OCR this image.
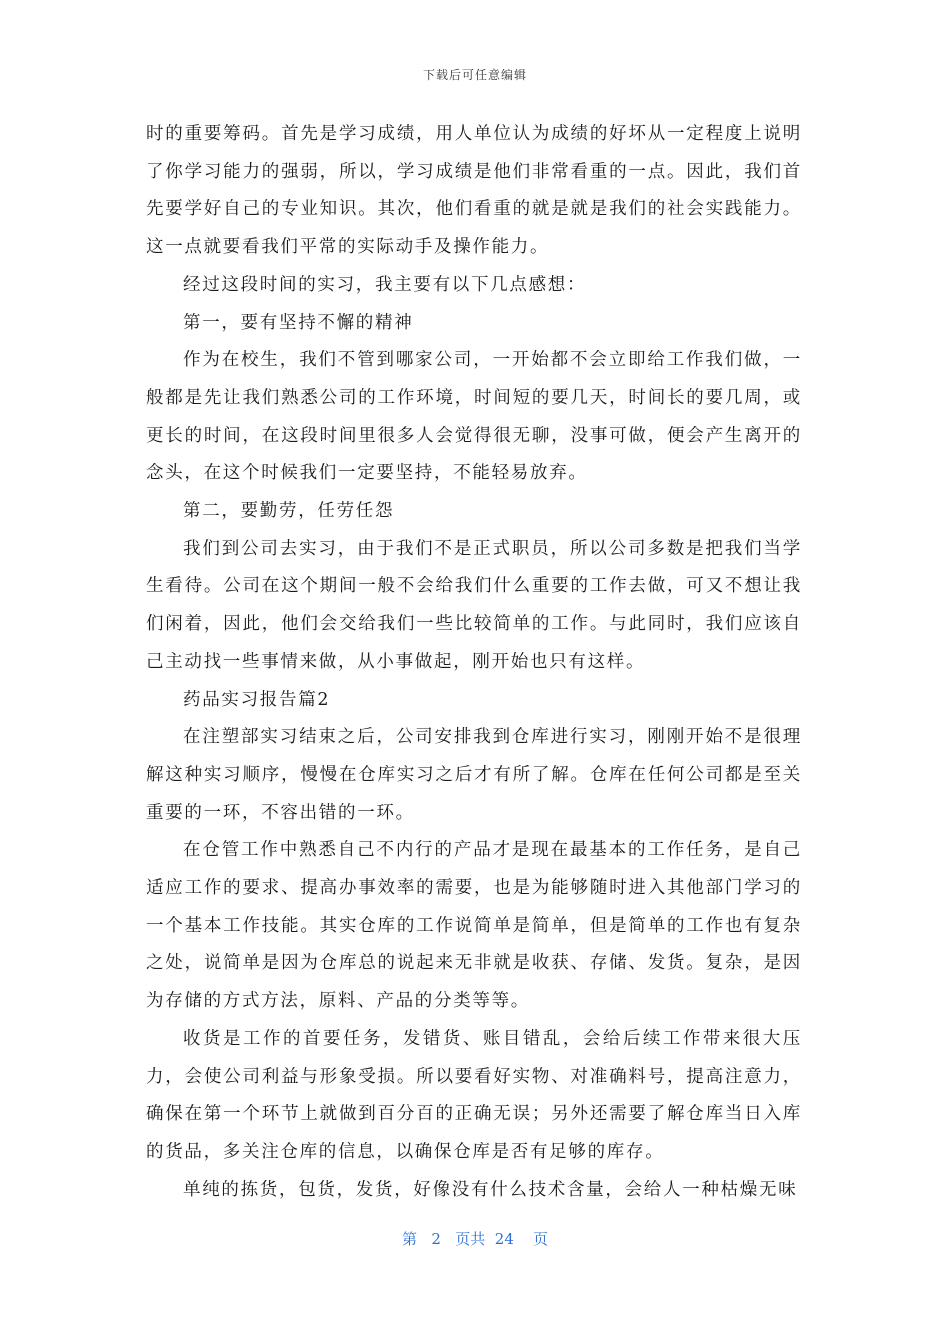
下载后可任意编辑

时的重要筹码。首先是学习成绩，用人单位认为成绩的好坏从一定程度上说明了你学习能力的强弱，所以，学习成绩是他们非常看重的一点。因此，我们首先要学好自己的专业知识。其次，他们看重的就是就是我们的社会实践能力。这一点就要看我们平常的实际动手及操作能力。

经过这段时间的实习，我主要有以下几点感想：

第一，要有坚持不懈的精神

作为在校生，我们不管到哪家公司，一开始都不会立即给工作我们做，一般都是先让我们熟悉公司的工作环境，时间短的要几天，时间长的要几周，或更长的时间，在这段时间里很多人会觉得很无聊，没事可做，便会产生离开的念头，在这个时候我们一定要坚持，不能轻易放弃。

第二，要勤劳，任劳任怨

我们到公司去实习，由于我们不是正式职员，所以公司多数是把我们当学生看待。公司在这个期间一般不会给我们什么重要的工作去做，可又不想让我们闲着，因此，他们会交给我们一些比较简单的工作。与此同时，我们应该自己主动找一些事情来做，从小事做起，刚开始也只有这样。

药品实习报告篇2

在注塑部实习结束之后，公司安排我到仓库进行实习，刚刚开始不是很理解这种实习顺序，慢慢在仓库实习之后才有所了解。仓库在任何公司都是至关重要的一环，不容出错的一环。

在仓管工作中熟悉自己不内行的产品才是现在最基本的工作任务，是自己适应工作的要求、提高办事效率的需要，也是为能够随时进入其他部门学习的一个基本工作技能。其实仓库的工作说简单是简单，但是简单的工作也有复杂之处，说简单是因为仓库总的说起来无非就是收获、存储、发货。复杂，是因为存储的方式方法，原料、产品的分类等等。

收货是工作的首要任务，发错货、账目错乱，会给后续工作带来很大压力，会使公司利益与形象受损。所以要看好实物、对准确料号，提高注意力，确保在第一个环节上就做到百分百的正确无误；另外还需要了解仓库当日入库的货品，多关注仓库的信息，以确保仓库是否有足够的库存。

单纯的拣货，包货，发货，好像没有什么技术含量，会给人一种枯燥无味

第 2 页共 24 页
